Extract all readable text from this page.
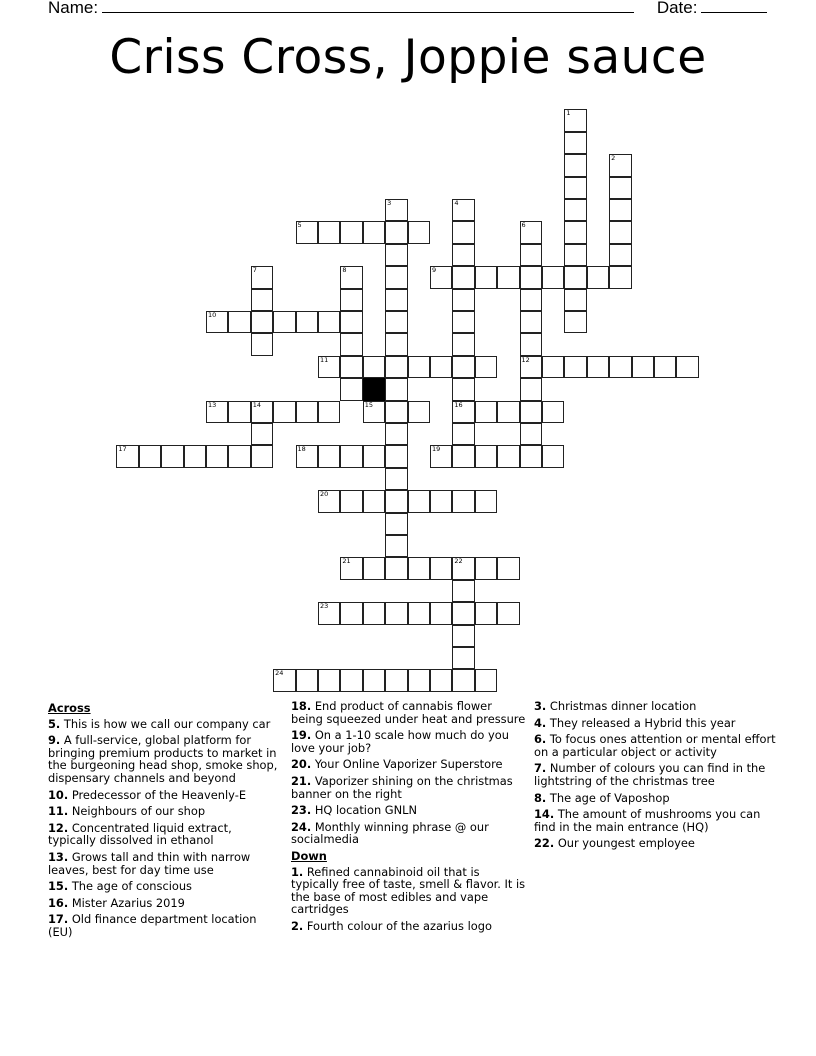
Name:	Date:
Criss Cross, Joppie sauce
1
2
3	4
16
5	6
12
7	8	9
10
11
13	14	15
17	18	19
20
21	22
23
24
Across
5. This is how we call our company car
9. A full-service, global platform for bringing premium products to market in the burgeoning head shop, smoke shop, dispensary channels and beyond
10. Predecessor of the Heavenly-E
11. Neighbours of our shop
12. Concentrated liquid extract, typically dissolved in ethanol
13. Grows tall and thin with narrow leaves, best for day time use
15. The age of conscious
16. Mister Azarius 2019
17. Old finance department location (EU)
18. End product of cannabis flower being squeezed under heat and pressure
19. On a 1-10 scale how much do you love your job?
20. Your Online Vaporizer Superstore
21. Vaporizer shining on the christmas banner on the right
23. HQ location GNLN
24. Monthly winning phrase @ our socialmedia
Down
1. Refined cannabinoid oil that is typically free of taste, smell & flavor. It is the base of most edibles and vape cartridges
2. Fourth colour of the azarius logo
3. Christmas dinner location
4. They released a Hybrid this year
6. To focus ones attention or mental effort on a particular object or activity
7. Number of colours you can find in the lightstring of the christmas tree
8. The age of Vaposhop
14. The amount of mushrooms you can find in the main entrance (HQ)
22. Our youngest employee
